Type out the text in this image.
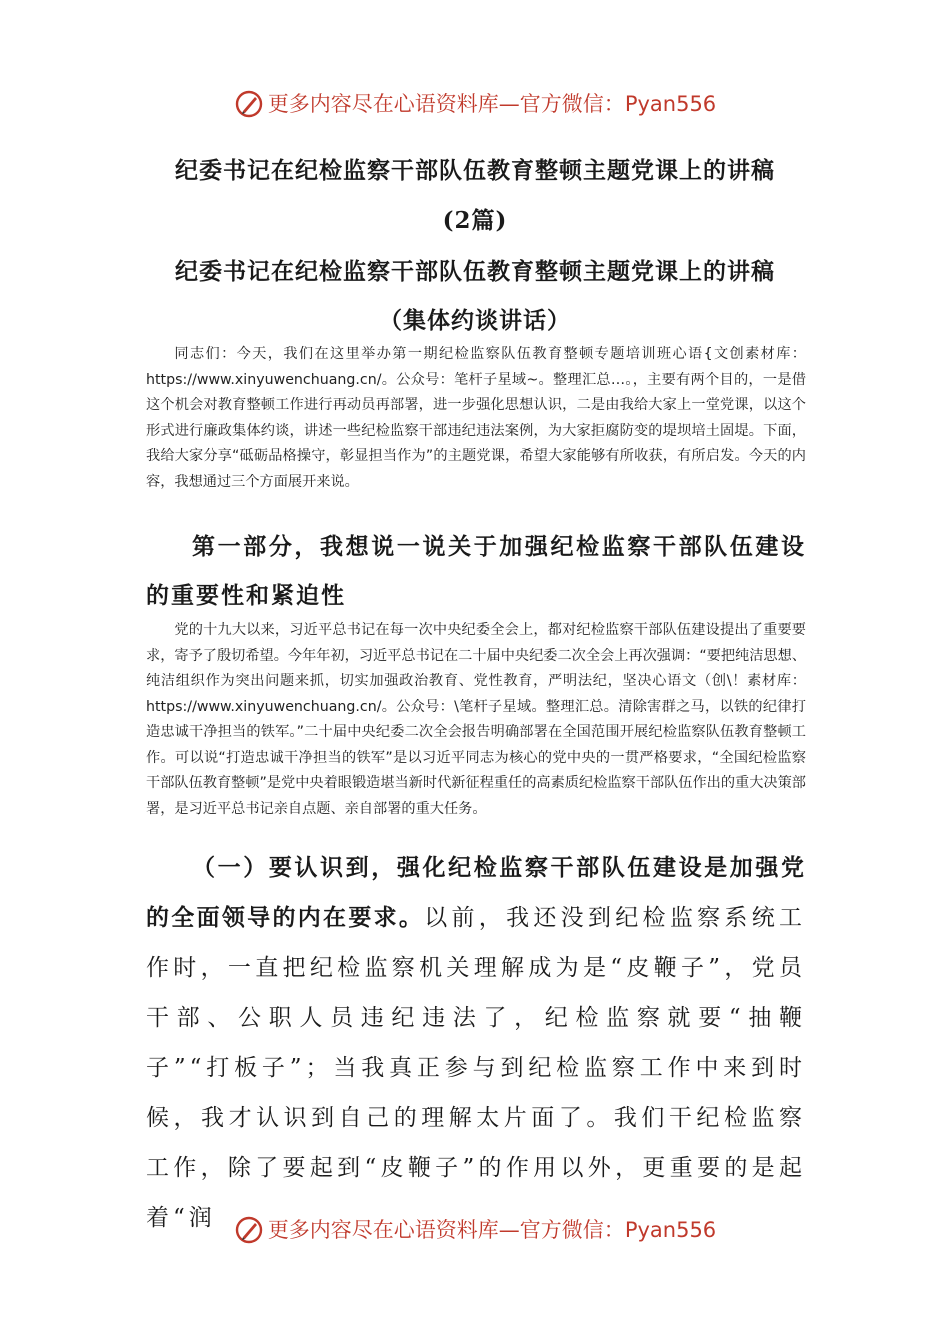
更多内容尽在心语资料库—官方微信：Pyan556
纪委书记在纪检监察干部队伍教育整顿主题党课上的讲稿
(2篇)
纪委书记在纪检监察干部队伍教育整顿主题党课上的讲稿
（集体约谈讲话）

同志们：今天，我们在这里举办第一期纪检监察队伍教育整顿专题培训班心语{文创素材库：https://www.xinyuwenchuang.cn/。公众号：笔杆子星域~。整理汇总…。，主要有两个目的，一是借这个机会对教育整顿工作进行再动员再部署，进一步强化思想认识，二是由我给大家上一堂党课，以这个形式进行廉政集体约谈，讲述一些纪检监察干部违纪违法案例，为大家拒腐防变的堤坝培土固堤。下面，我给大家分享“砥砺品格操守，彰显担当作为”的主题党课，希望大家能够有所收获，有所启发。今天的内容，我想通过三个方面展开来说。

第一部分，我想说一说关于加强纪检监察干部队伍建设的重要性和紧迫性

党的十九大以来，习近平总书记在每一次中央纪委全会上，都对纪检监察干部队伍建设提出了重要要求，寄予了殷切希望。今年年初，习近平总书记在二十届中央纪委二次全会上再次强调：“要把纯洁思想、纯洁组织作为突出问题来抓，切实加强政治教育、党性教育，严明法纪，坚决心语文（创\！素材库：https://www.xinyuwenchuang.cn/。公众号：\笔杆子星域。整理汇总。清除害群之马，以铁的纪律打造忠诚干净担当的铁军。”二十届中央纪委二次全会报告明确部署在全国范围开展纪检监察队伍教育整顿工作。可以说“打造忠诚干净担当的铁军”是以习近平同志为核心的党中央的一贯严格要求，“全国纪检监察干部队伍教育整顿”是党中央着眼锻造堪当新时代新征程重任的高素质纪检监察干部队伍作出的重大决策部署，是习近平总书记亲自点题、亲自部署的重大任务。

（一）要认识到，强化纪检监察干部队伍建设是加强党的全面领导的内在要求。以前，我还没到纪检监察系统工作时，一直把纪检监察机关理解成为是“皮鞭子”，党员干部、公职人员违纪违法了，纪检监察就要“抽鞭子”“打板子”；当我真正参与到纪检监察工作中来到时候，我才认识到自己的理解太片面了。我们干纪检监察工作，除了要起到“皮鞭子”的作用以外，更重要的是起着“润	更多内容尽在心语资料库—官方微信：Pyan556
